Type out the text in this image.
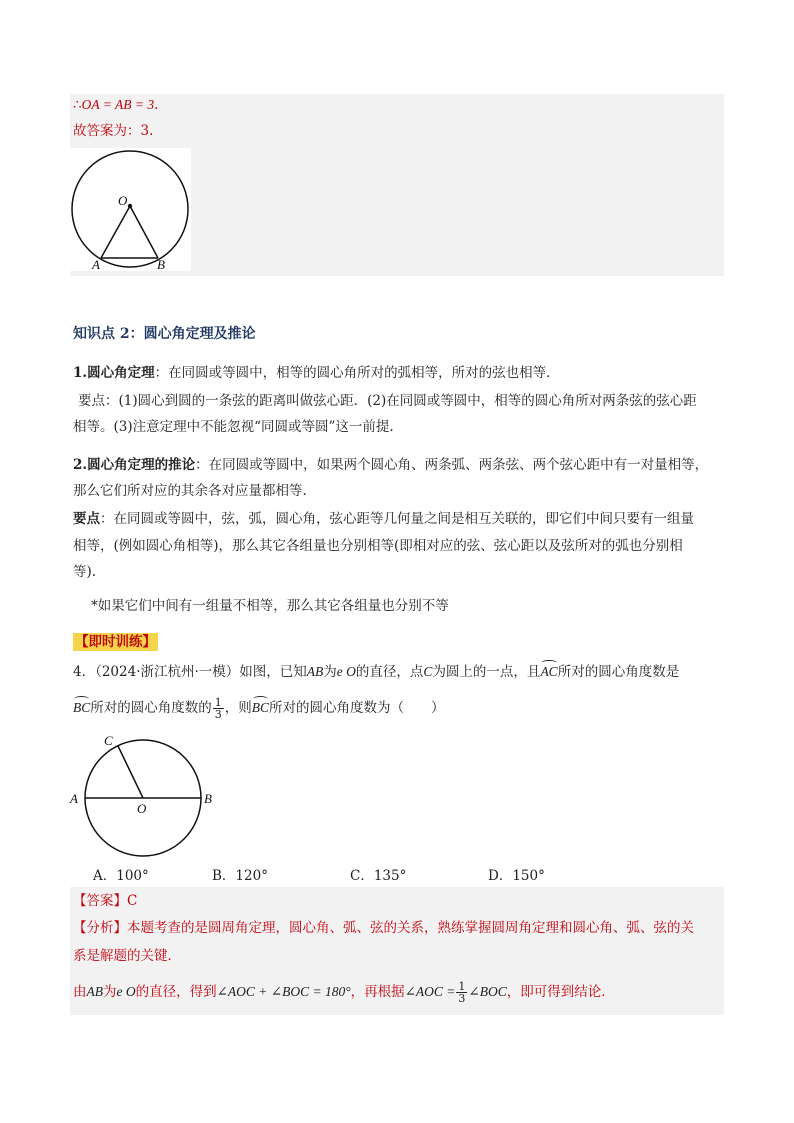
∴OA = AB = 3.
故答案为：3.
O
A	B
知识点 2：圆心角定理及推论
1.圆心角定理：在同圆或等圆中，相等的圆心角所对的弧相等，所对的弦也相等．
要点：(1)圆心到圆的一条弦的距离叫做弦心距．(2)在同圆或等圆中，相等的圆心角所对两条弦的弦心距
相等。(3)注意定理中不能忽视“同圆或等圆”这一前提.
2.圆心角定理的推论：在同圆或等圆中，如果两个圆心角、两条弧、两条弦、两个弦心距中有一对量相等，
那么它们所对应的其余各对应量都相等.
要点：在同圆或等圆中，弦，弧，圆心角，弦心距等几何量之间是相互关联的，即它们中间只要有一组量
相等，(例如圆心角相等)，那么其它各组量也分别相等(即相对应的弦、弦心距以及弦所对的弧也分别相
等).
*如果它们中间有一组量不相等，那么其它各组量也分别不等
【即时训练】
4．（2024·浙江杭州·一模）如图，已知AB为e O的直径，点C为圆上的一点，且AC所对的圆心角度数是
BC所对的圆心角度数的 $\frac{1}{3}$ ，则BC所对的圆心角度数为（　　）
A	B
C
O
A．100°	B．120°	C．135°	D．150°
【答案】C
【分析】本题考查的是圆周角定理，圆心角、弧、弦的关系，熟练掌握圆周角定理和圆心角、弧、弦的关
系是解题的关键．
由AB为e O的直径，得到∠AOC + ∠BOC = 180°，再根据∠AOC = $\frac{1}{3}$ ∠BOC，即可得到结论．
